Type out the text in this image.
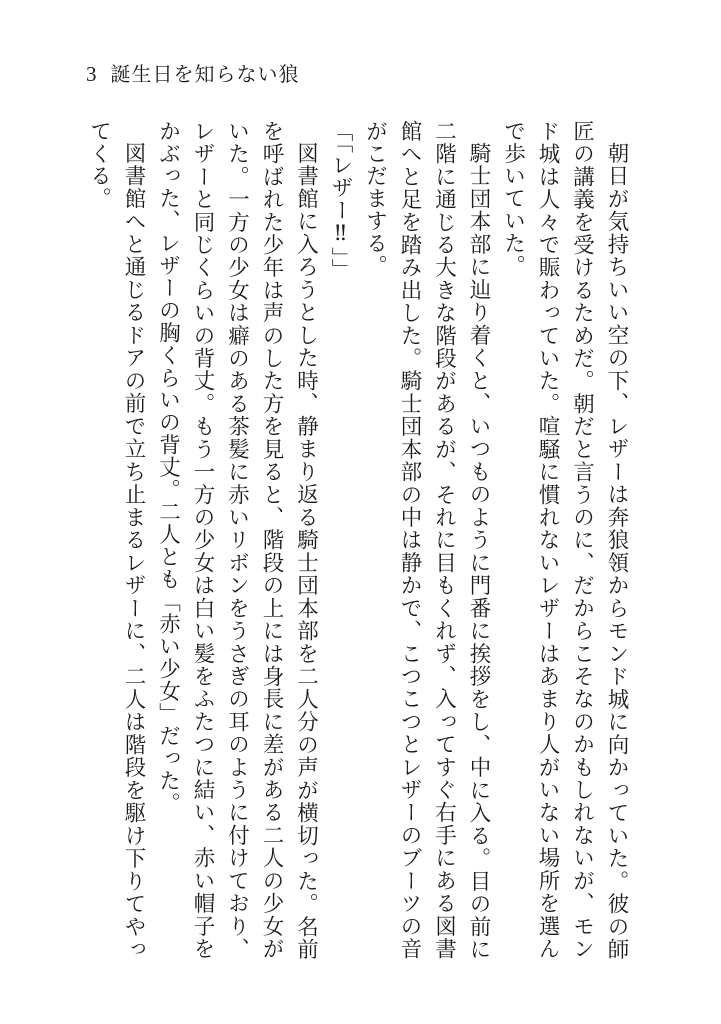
3 誕生日を知らない狼

朝日が気持ちいい空の下、レザーは奔狼領からモンド城に向かっていた。彼の師匠の講義を受けるためだ。朝だと言うのに、だからこそなのかもしれないが、モンド城は人々で賑わっていた。喧騒に慣れないレザーはあまり人がいない場所を選んで歩いていた。

騎士団本部に辿り着くと、いつものように門番に挨拶をし、中に入る。目の前に二階に通じる大きな階段があるが、それに目もくれず、入ってすぐ右手にある図書館へと足を踏み出した。騎士団本部の中は静かで、こつこつとレザーのブーツの音がこだまする。

「「レザー‼」」

図書館に入ろうとした時、静まり返る騎士団本部を二人分の声が横切った。名前を呼ばれた少年は声のした方を見ると、階段の上には身長に差がある二人の少女がいた。一方の少女は癖のある茶髪に赤いリボンをうさぎの耳のように付けており、レザーと同じくらいの背丈。もう一方の少女は白い髪をふたつに結い、赤い帽子をかぶった、レザーの胸くらいの背丈。二人とも「赤い少女」だった。

図書館へと通じるドアの前で立ち止まるレザーに、二人は階段を駆け下りてやってくる。
